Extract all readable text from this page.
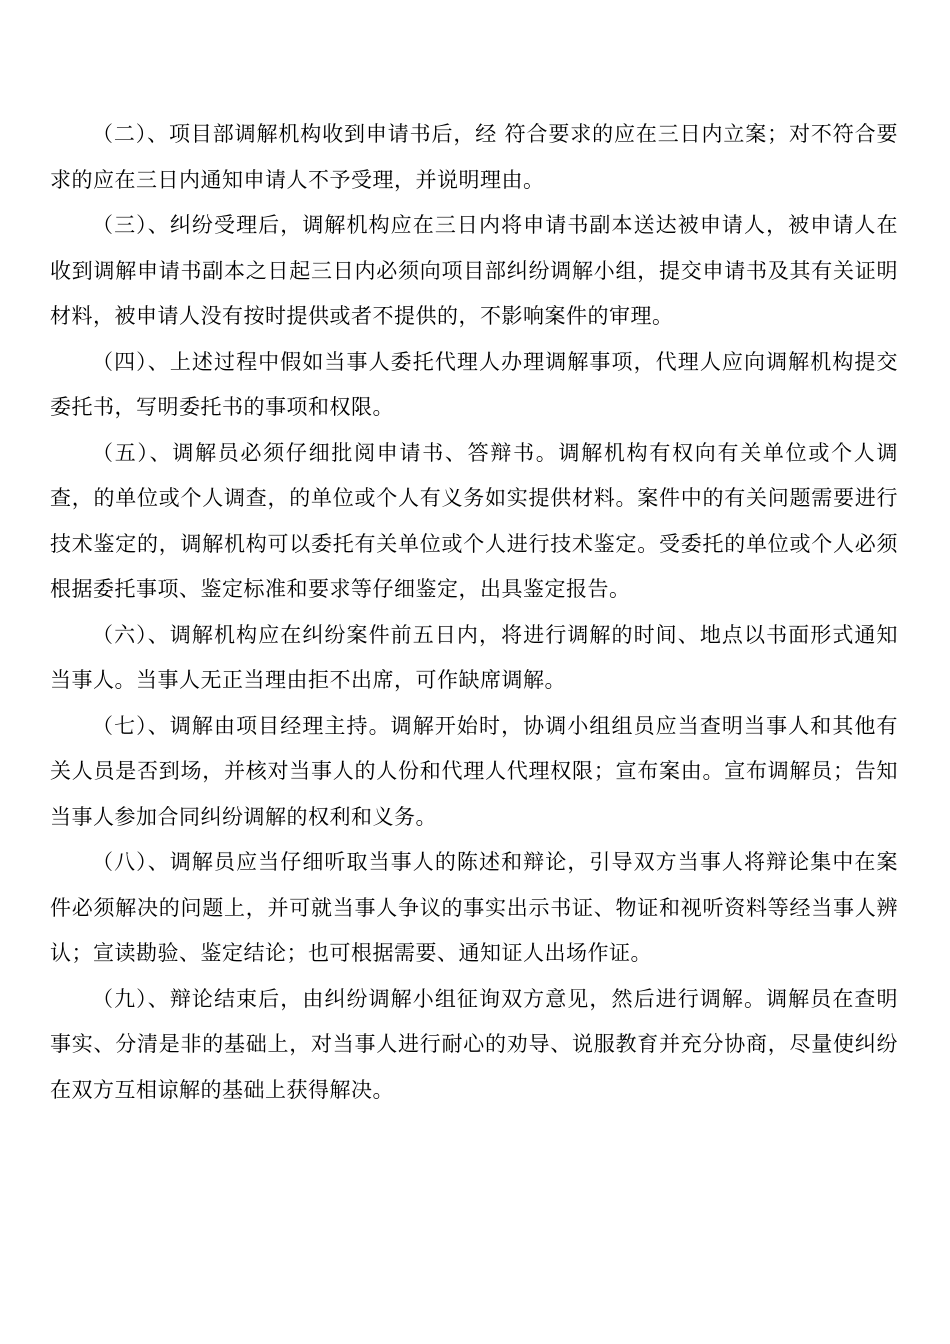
（二）、项目部调解机构收到申请书后，经 符合要求的应在三日内立案；对不符合要求的应在三日内通知申请人不予受理，并说明理由。

（三）、纠纷受理后，调解机构应在三日内将申请书副本送达被申请人，被申请人在收到调解申请书副本之日起三日内必须向项目部纠纷调解小组，提交申请书及其有关证明材料，被申请人没有按时提供或者不提供的，不影响案件的审理。

（四）、上述过程中假如当事人委托代理人办理调解事项，代理人应向调解机构提交委托书，写明委托书的事项和权限。

（五）、调解员必须仔细批阅申请书、答辩书。调解机构有权向有关单位或个人调查，的单位或个人调查，的单位或个人有义务如实提供材料。案件中的有关问题需要进行技术鉴定的，调解机构可以委托有关单位或个人进行技术鉴定。受委托的单位或个人必须根据委托事项、鉴定标准和要求等仔细鉴定，出具鉴定报告。

（六）、调解机构应在纠纷案件前五日内，将进行调解的时间、地点以书面形式通知当事人。当事人无正当理由拒不出席，可作缺席调解。

（七）、调解由项目经理主持。调解开始时，协调小组组员应当查明当事人和其他有关人员是否到场，并核对当事人的人份和代理人代理权限；宣布案由。宣布调解员；告知当事人参加合同纠纷调解的权利和义务。

（八）、调解员应当仔细听取当事人的陈述和辩论，引导双方当事人将辩论集中在案件必须解决的问题上，并可就当事人争议的事实出示书证、物证和视听资料等经当事人辨认；宣读勘验、鉴定结论；也可根据需要、通知证人出场作证。

（九）、辩论结束后，由纠纷调解小组征询双方意见，然后进行调解。调解员在查明事实、分清是非的基础上，对当事人进行耐心的劝导、说服教育并充分协商，尽量使纠纷在双方互相谅解的基础上获得解决。
